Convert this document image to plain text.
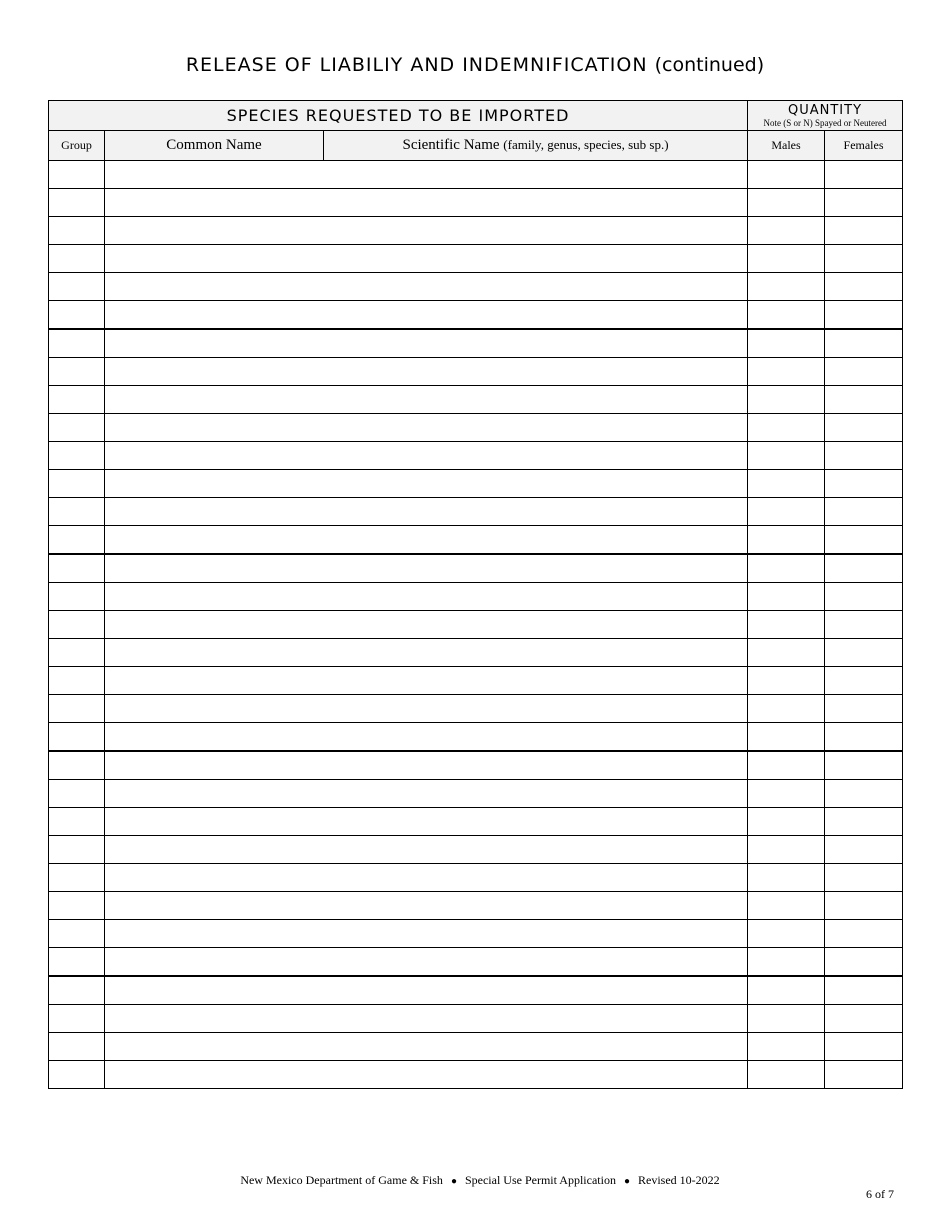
RELEASE OF LIABILIY AND INDEMNIFICATION (continued)
SPECIES REQUESTED TO BE IMPORTED			QUANTITY
Note (S or N) Spayed or Neutered	

Group	Common Name	Scientific Name (family, genus, species, sub sp.)	Males	Females

New Mexico Department of Game & Fish ● Special Use Permit Application ● Revised 10-2022
6 of 7
